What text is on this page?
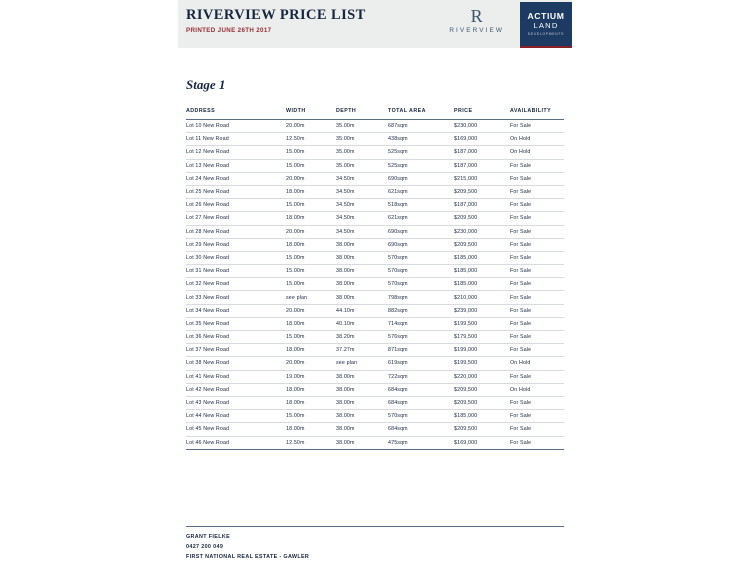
RIVERVIEW PRICE LIST
PRINTED JUNE 26TH 2017
R
RIVERVIEW
ACTIUM
LAND
DEVELOPMENTS
Stage 1
ADDRESS	WIDTH	DEPTH	TOTAL AREA	PRICE	AVAILABILITY
Lot 10 New Road	20.00m	35.00m	687sqm	$230,000	For Sale
Lot 11 New Road	12.50m	35.00m	438sqm	$169,000	On Hold
Lot 12 New Road	15.00m	35.00m	525sqm	$187,000	On Hold
Lot 13 New Road	15.00m	35.00m	525sqm	$187,000	For Sale
Lot 24 New Road	20.00m	34.50m	690sqm	$215,000	For Sale
Lot 25 New Road	18.00m	34.50m	621sqm	$209,500	For Sale
Lot 26 New Road	15.00m	34.50m	518sqm	$187,000	For Sale
Lot 27 New Road	18.00m	34.50m	621sqm	$209,500	For Sale
Lot 28 New Road	20.00m	34.50m	690sqm	$230,000	For Sale
Lot 29 New Road	18.00m	38.00m	690sqm	$209,500	For Sale
Lot 30 New Road	15.00m	38.00m	570sqm	$185,000	For Sale
Lot 31 New Road	15.00m	38.00m	570sqm	$185,000	For Sale
Lot 32 New Road	15.00m	38.00m	570sqm	$185,000	For Sale
Lot 33 New Road	see plan	38.00m	798sqm	$210,000	For Sale
Lot 34 New Road	20.00m	44.10m	882sqm	$239,000	For Sale
Lot 35 New Road	18.00m	40.10m	714sqm	$199,500	For Sale
Lot 36 New Road	15.00m	38.20m	576sqm	$179,500	For Sale
Lot 37 New Road	18.00m	37.27m	871sqm	$199,000	For Sale
Lot 38 New Road	20.00m	see plan	619sqm	$199,500	On Hold
Lot 41 New Road	19.00m	38.00m	722sqm	$220,000	For Sale
Lot 42 New Road	18.00m	38.00m	684sqm	$209,500	On Hold
Lot 43 New Road	18.00m	38.00m	684sqm	$209,500	For Sale
Lot 44 New Road	15.00m	38.00m	570sqm	$185,000	For Sale
Lot 45 New Road	18.00m	38.00m	684sqm	$209,500	For Sale
Lot 46 New Road	12.50m	38.00m	475sqm	$169,000	For Sale
GRANT FIELKE
0427 200 049
FIRST NATIONAL REAL ESTATE - GAWLER
